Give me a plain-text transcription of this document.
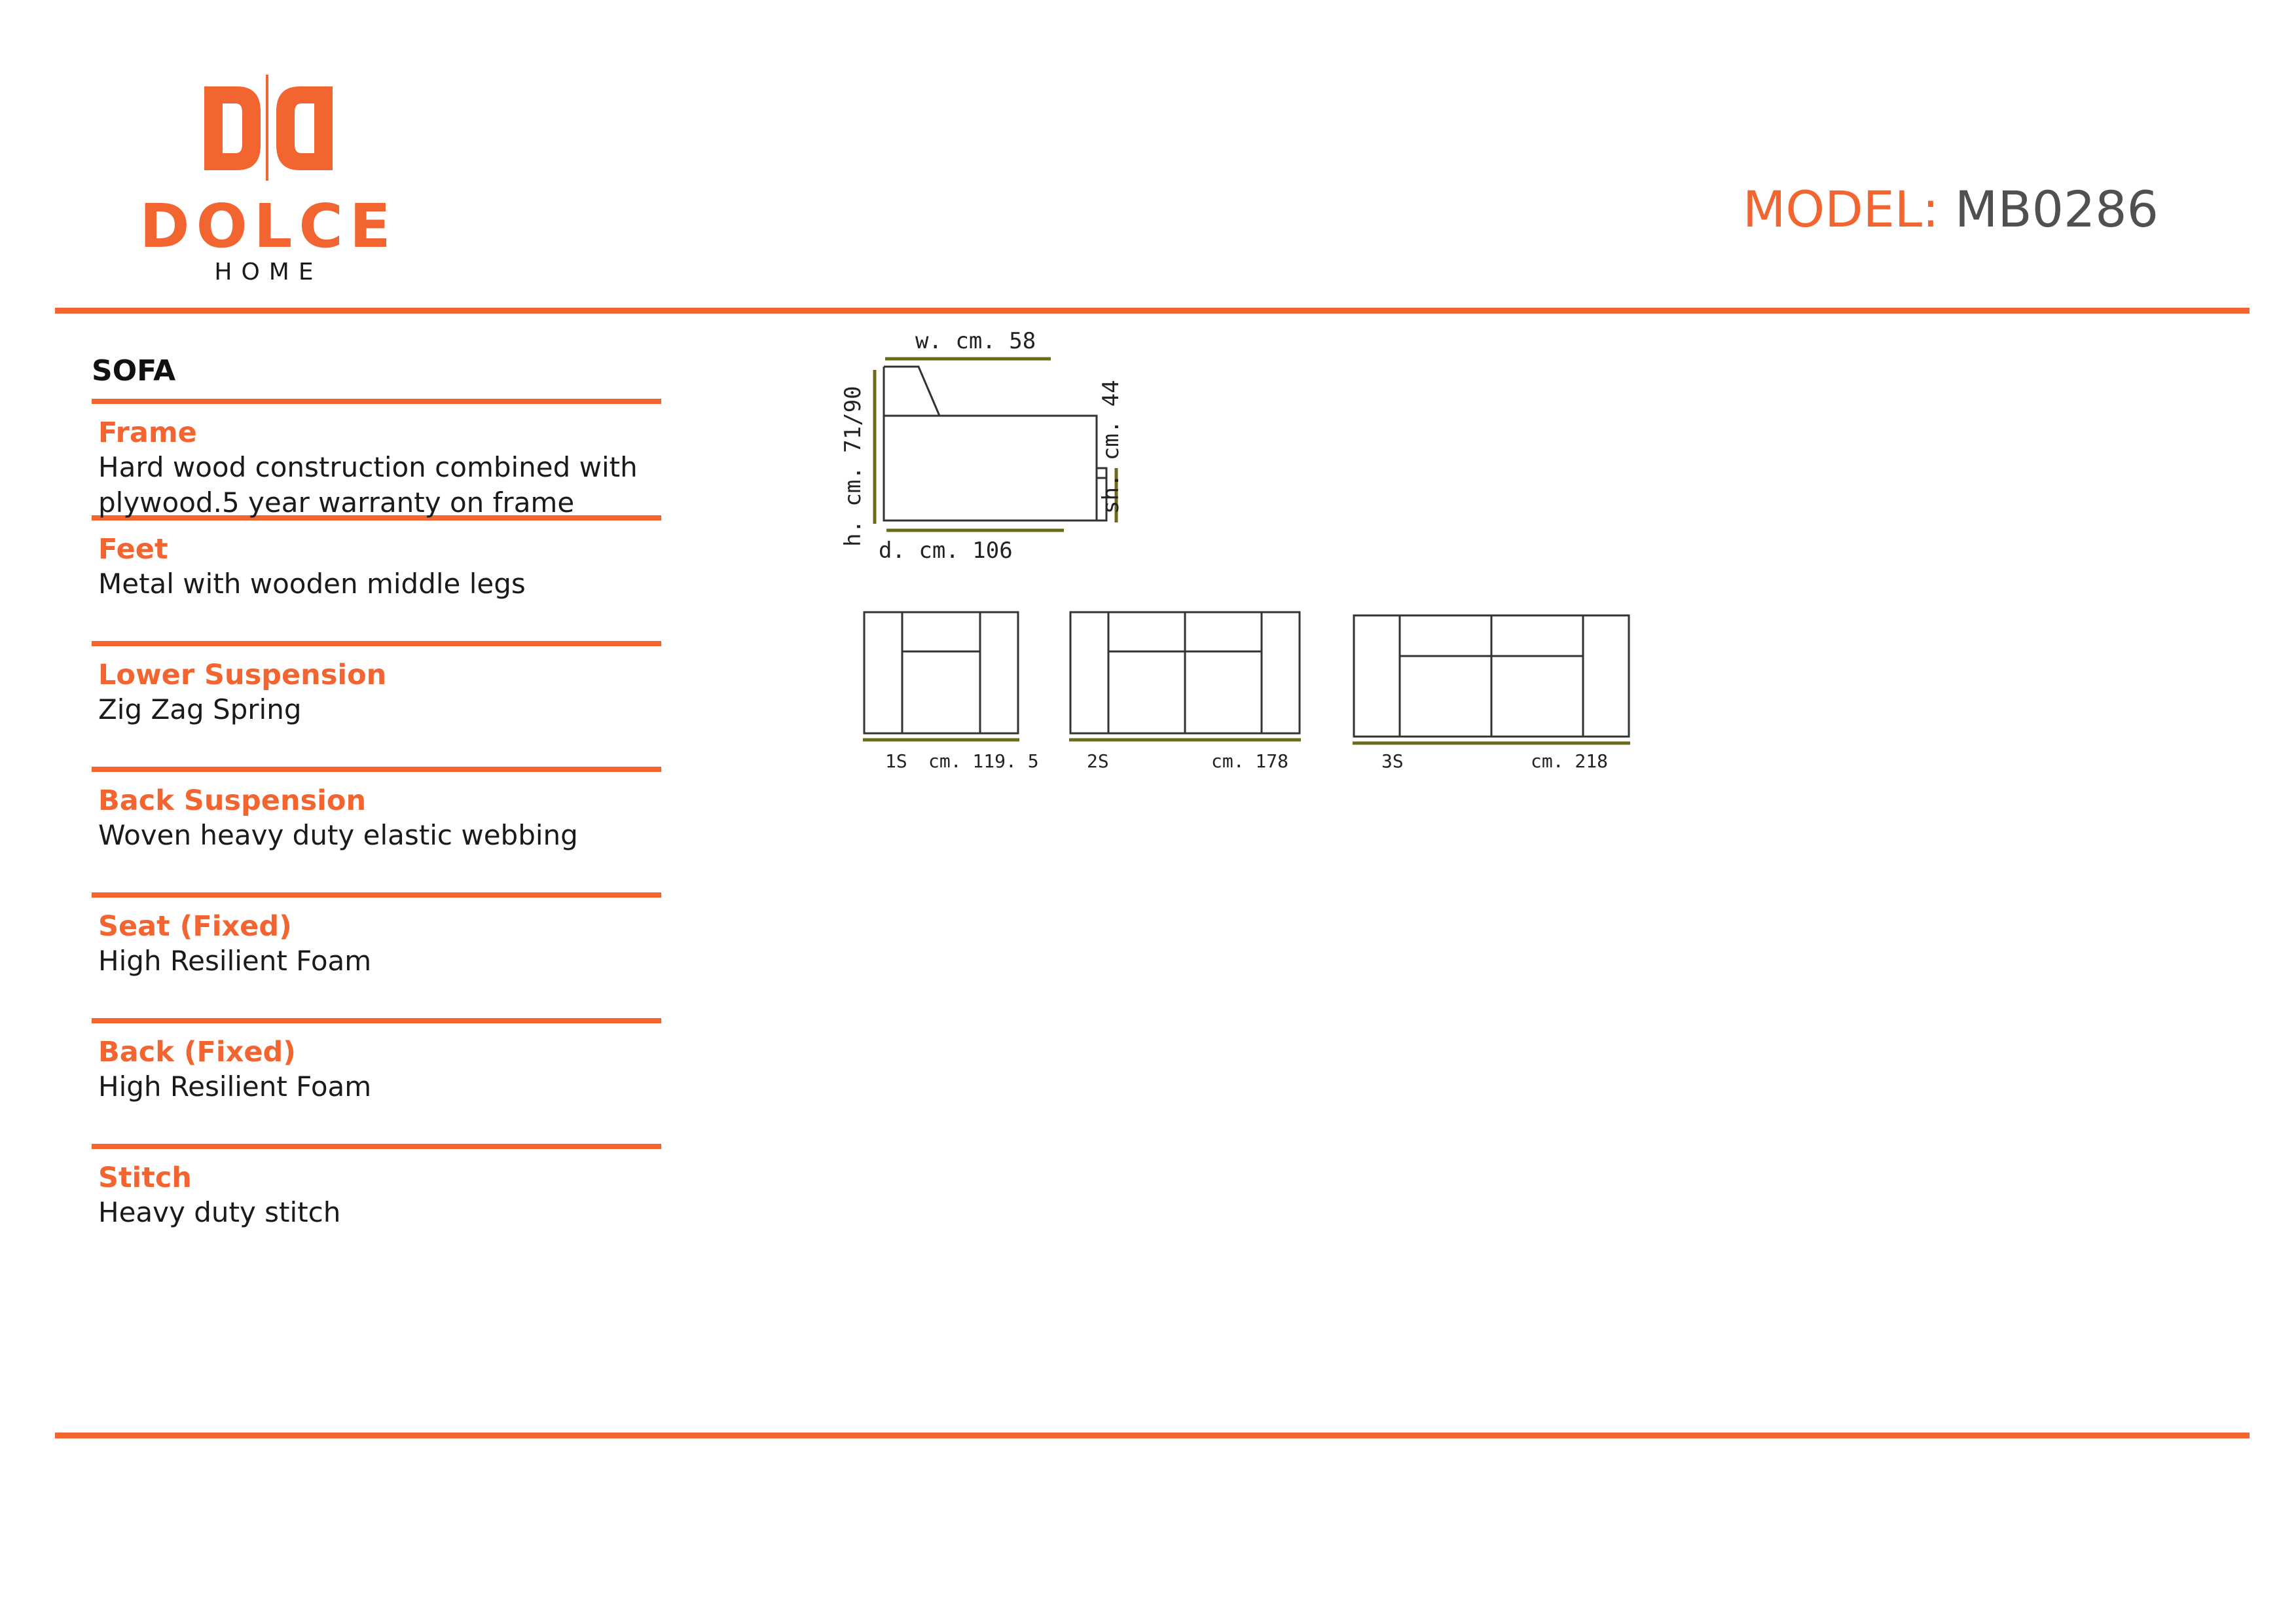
DOLCE
HOME
MODEL: MB0286
SOFA
Frame
Hard wood construction combined with plywood.5 year warranty on frame
Feet
Metal with wooden middle legs
Lower Suspension
Zig Zag Spring
Back Suspension
Woven heavy duty elastic webbing
Seat (Fixed)
High Resilient Foam
Back (Fixed)
High Resilient Foam
Stitch
Heavy duty stitch
w. cm. 58
h. cm. 71/90
d. cm. 106
sh. cm. 44
1S cm. 119. 5	2S	cm. 178	3S	cm. 218
